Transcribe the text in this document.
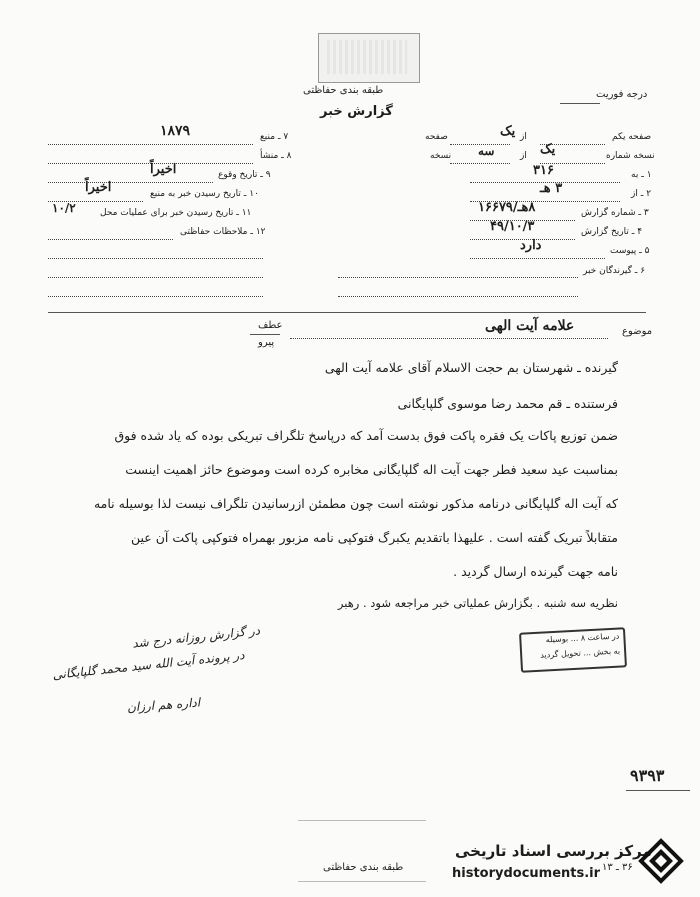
طبقه بندی حفاظتی	درجه فوریت
گزارش خبر
صفحه یکم
یک از
صفحه
نسخه شماره
یک
از
سه
نسخه
۱ ـ به
۳۱۶
۲ ـ از
۳ هـ
۳ ـ شماره گزارش
۸هـ/۱۶۶۷۹
۴ ـ تاریخ گزارش
۴۹/۱۰/۳
۵ ـ پیوست
دارد
۶ ـ گیرندگان خبر
۷ ـ منبع
۱۸۷۹
۸ ـ منشأ
۹ ـ تاریخ وقوع
اخیراً
۱۰ ـ تاریخ رسیدن خبر به منبع
اخیراً
۱۱ ـ تاریخ رسیدن خبر برای عملیات محل
۱۰/۲
۱۲ ـ ملاحظات حفاظتی
عطف
پیرو
موضوع
علامه آیت الهی
گیرنده ـ شهرستان بم حجت الاسلام آقای علامه آیت الهی
فرستنده ـ قم محمد رضا موسوی گلپایگانی
ضمن توزیع پاکات یک فقره پاکت فوق بدست آمد که درپاسخ تلگراف تبریکی بوده که یاد شده فوق
بمناسبت عید سعید فطر جهت آیت اله گلپایگانی مخابره کرده است وموضوع حائز اهمیت اینست
که آیت اله گلپایگانی درنامه مذکور نوشته است چون مطمئن ازرسانیدن تلگراف نیست لذا بوسیله نامه
متقابلاً تبریک گفته است . علیهذا باتقدیم یکبرگ فتوکپی نامه مزبور بهمراه فتوکپی پاکت آن عین
نامه جهت گیرنده ارسال گردید .
نظریه سه شنبه . بگزارش عملیاتی خبر مراجعه شود . رهبر
در گزارش روزانه درج شد
در پرونده آیت الله سید محمد گلپایگانی
اداره هم ارزان
در ساعت ۸ ... بوسیله
به بخش ... تحویل گردید
۹۳۹۳
طبقه بندی حفاظتی	۳۶ ـ ۱۳
مرکز بررسی اسناد تاریخی
historydocuments.ir
